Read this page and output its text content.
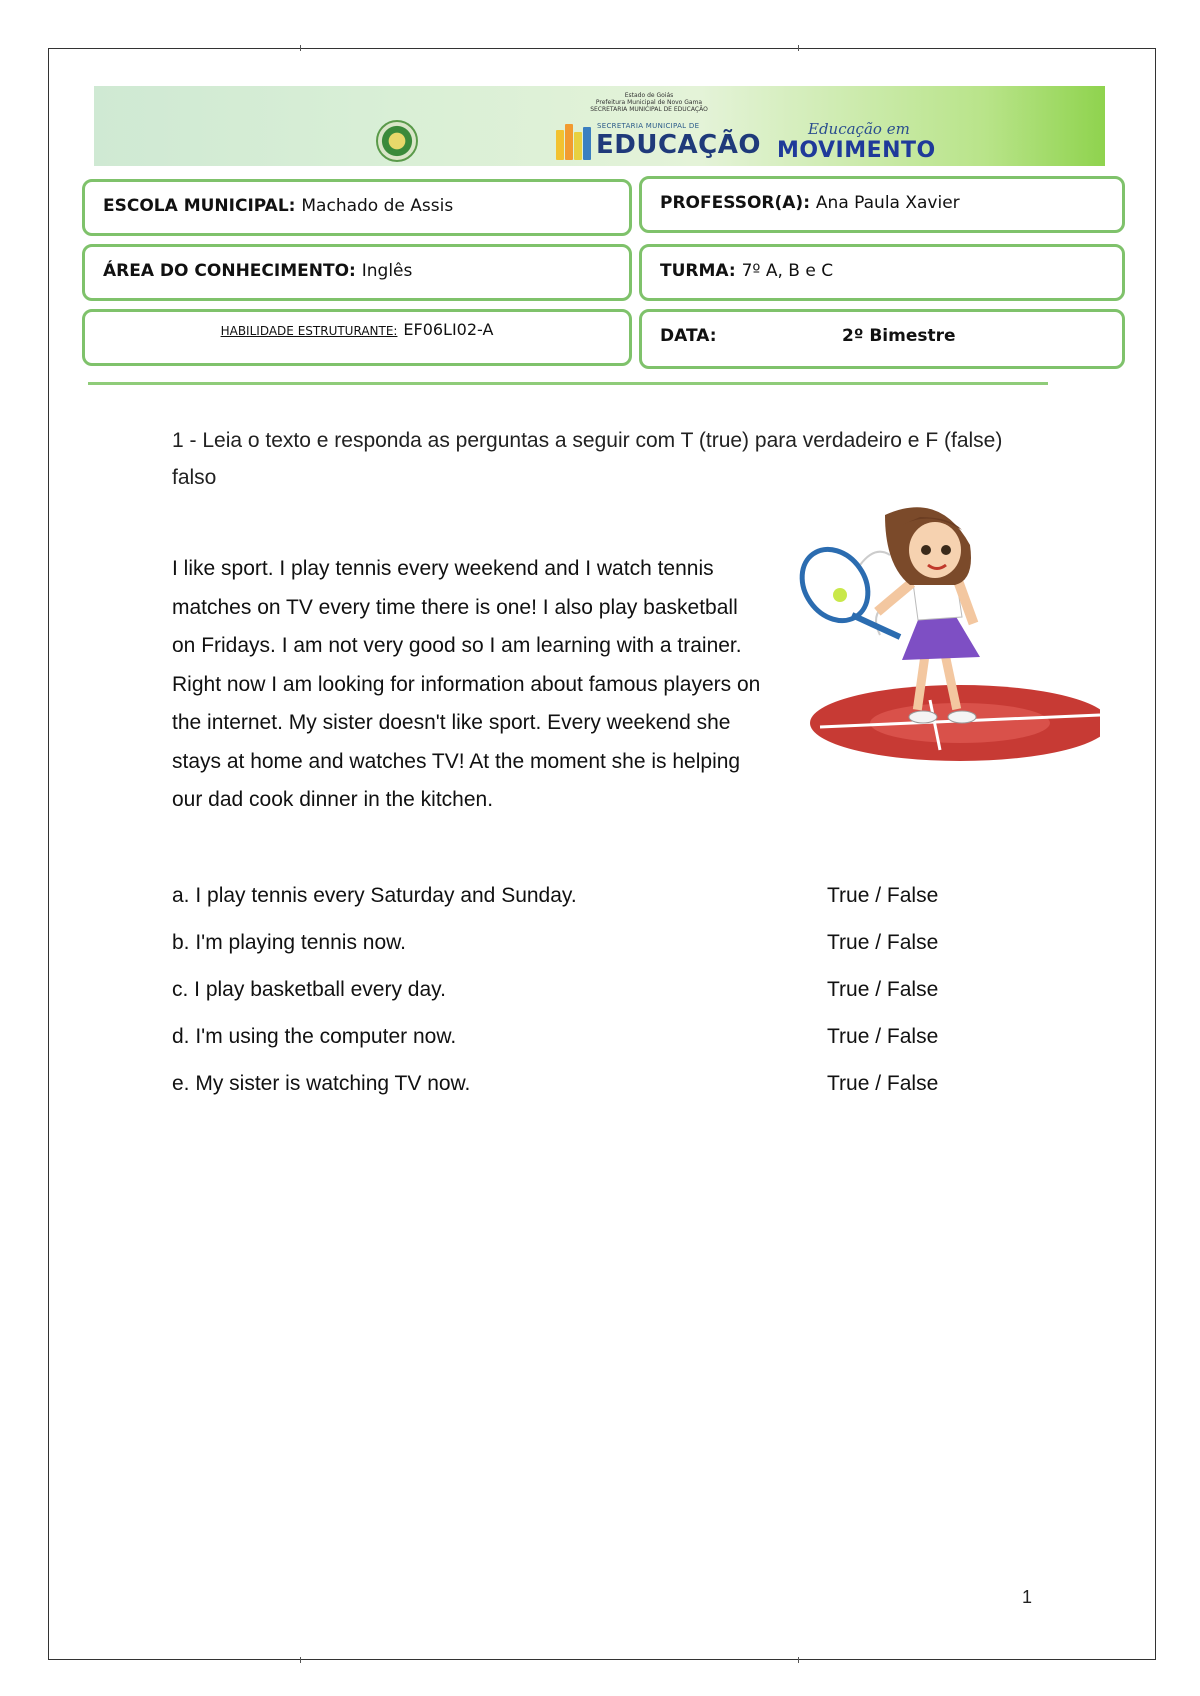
Estado de Goiás
Prefeitura Municipal de Novo Gama
SECRETARIA MUNICIPAL DE EDUCAÇÃO
SECRETARIA MUNICIPAL DE
EDUCAÇÃO
Educação em
MOVIMENTO
ESCOLA MUNICIPAL: Machado de Assis	PROFESSOR(A): Ana Paula Xavier
ÁREA DO CONHECIMENTO: Inglês	TURMA: 7º A, B e C
HABILIDADE ESTRUTURANTE: EF06LI02-A	DATA:	2º Bimestre
1 - Leia o texto e responda as perguntas a seguir com T (true) para verdadeiro e F (false) falso

I like sport. I play tennis every weekend and I watch tennis matches on TV every time there is one! I also play basketball on Fridays. I am not very good so I am learning with a trainer. Right now I am looking for information about famous players on the internet. My sister doesn't like sport. Every weekend she stays at home and watches TV! At the moment she is helping our dad cook dinner in the kitchen.

a. I play tennis every Saturday and Sunday.	True / False
b. I'm playing tennis now.	True / False
c. I play basketball every day.	True / False
d. I'm using the computer now.	True / False
e. My sister is watching TV now.	True / False
1
